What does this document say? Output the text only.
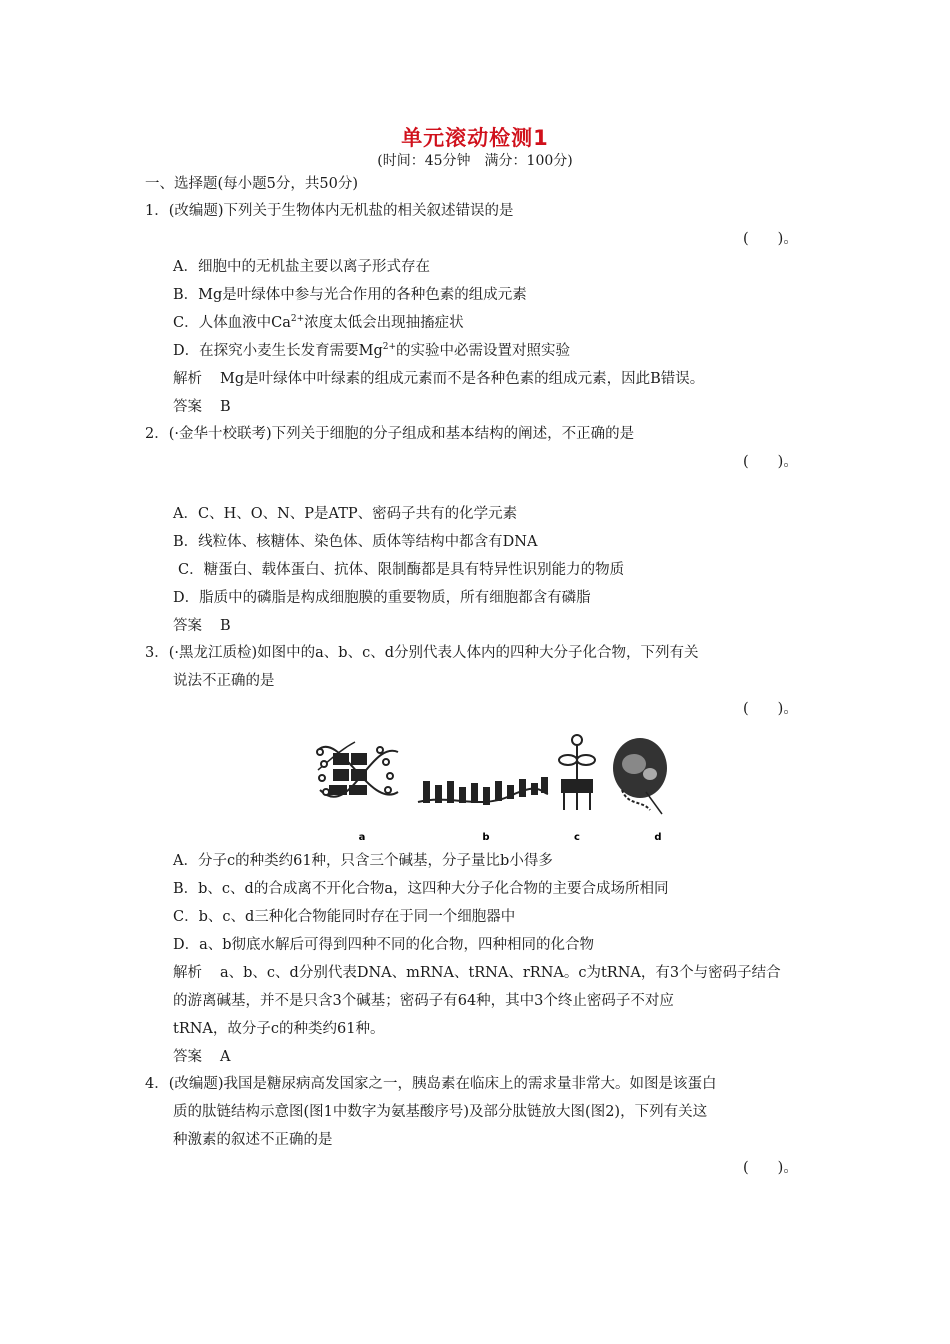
单元滚动检测1
(时间：45分钟　满分：100分)
一、选择题(每小题5分，共50分)
1．(改编题)下列关于生物体内无机盐的相关叙述错误的是
(　　)。
A．细胞中的无机盐主要以离子形式存在
B．Mg是叶绿体中参与光合作用的各种色素的组成元素
C．人体血液中$Ca^{2+}$浓度太低会出现抽搐症状
D．在探究小麦生长发育需要$Mg^{2+}$的实验中必需设置对照实验
解析 Mg是叶绿体中叶绿素的组成元素而不是各种色素的组成元素，因此B错误。
答案 B
2．(·金华十校联考)下列关于细胞的分子组成和基本结构的阐述，不正确的是
(　　)。
A．C、H、O、N、P是ATP、密码子共有的化学元素
B．线粒体、核糖体、染色体、质体等结构中都含有DNA
C．糖蛋白、载体蛋白、抗体、限制酶都是具有特异性识别能力的物质
D．脂质中的磷脂是构成细胞膜的重要物质，所有细胞都含有磷脂
答案 B
3．(·黑龙江质检)如图中的a、b、c、d分别代表人体内的四种大分子化合物，下列有关
说法不正确的是
(　　)。
a	b	c	d
A．分子c的种类约61种，只含三个碱基，分子量比b小得多
B．b、c、d的合成离不开化合物a，这四种大分子化合物的主要合成场所相同
C．b、c、d三种化合物能同时存在于同一个细胞器中
D．a、b彻底水解后可得到四种不同的化合物，四种相同的化合物
解析 a、b、c、d分别代表DNA、mRNA、tRNA、rRNA。c为tRNA，有3个与密码子结合
的游离碱基，并不是只含3个碱基；密码子有64种，其中3个终止密码子不对应
tRNA，故分子c的种类约61种。
答案 A
4．(改编题)我国是糖尿病高发国家之一，胰岛素在临床上的需求量非常大。如图是该蛋白
质的肽链结构示意图(图1中数字为氨基酸序号)及部分肽链放大图(图2)，下列有关这
种激素的叙述不正确的是
(　　)。
